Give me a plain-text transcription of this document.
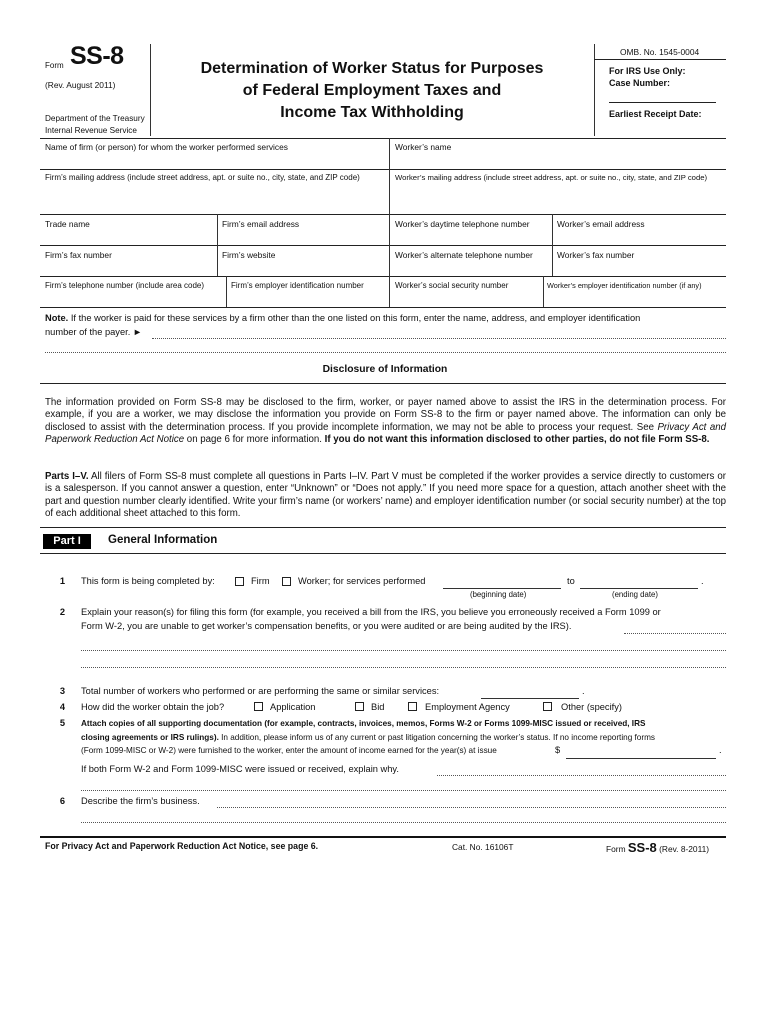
Form SS-8
(Rev. August 2011)
Department of the Treasury
Internal Revenue Service
Determination of Worker Status for Purposes
of Federal Employment Taxes and
Income Tax Withholding
OMB. No. 1545-0004
For IRS Use Only:
Case Number:
Earliest Receipt Date:
Name of firm (or person) for whom the worker performed services	Worker’s name
Firm’s mailing address (include street address, apt. or suite no., city, state, and ZIP code)	Worker’s mailing address (include street address, apt. or suite no., city, state, and ZIP code)
Trade name	Firm’s email address	Worker’s daytime telephone number	Worker’s email address
Firm’s fax number	Firm’s website	Worker’s alternate telephone number	Worker’s fax number
Firm’s telephone number (include area code)	Firm’s employer identification number	Worker’s social security number	Worker’s employer identification number (if any)
Note. If the worker is paid for these services by a firm other than the one listed on this form, enter the name, address, and employer identification
number of the payer. ►
Disclosure of Information
The information provided on Form SS-8 may be disclosed to the firm, worker, or payer named above to assist the IRS in the determination process. For example, if you are a worker, we may disclose the information you provide on Form SS-8 to the firm or payer named above. The information can only be disclosed to assist with the determination process. If you provide incomplete information, we may not be able to process your request. See Privacy Act and Paperwork Reduction Act Notice on page 6 for more information. If you do not want this information disclosed to other parties, do not file Form SS-8.
Parts I–V. All filers of Form SS-8 must complete all questions in Parts I–IV. Part V must be completed if the worker provides a service directly to customers or is a salesperson. If you cannot answer a question, enter “Unknown” or “Does not apply.” If you need more space for a question, attach another sheet with the part and question number clearly identified. Write your firm’s name (or workers’ name) and employer identification number (or social security number) at the top of each additional sheet attached to this form.
Part I	General Information
1 This form is being completed by:	Firm	Worker; for services performed	to	.
(beginning date)	(ending date)
2 Explain your reason(s) for filing this form (for example, you received a bill from the IRS, you believe you erroneously received a Form 1099 or
Form W-2, you are unable to get worker’s compensation benefits, or you were audited or are being audited by the IRS).
3 Total number of workers who performed or are performing the same or similar services:	.
4 How did the worker obtain the job?	Application	Bid	Employment Agency	Other (specify)
5 Attach copies of all supporting documentation (for example, contracts, invoices, memos, Forms W-2 or Forms 1099-MISC issued or received, IRS
closing agreements or IRS rulings). In addition, please inform us of any current or past litigation concerning the worker’s status. If no income reporting forms
(Form 1099-MISC or W-2) were furnished to the worker, enter the amount of income earned for the year(s) at issue	$	.
If both Form W-2 and Form 1099-MISC were issued or received, explain why.
6 Describe the firm’s business.
For Privacy Act and Paperwork Reduction Act Notice, see page 6.	Cat. No. 16106T	Form SS-8 (Rev. 8-2011)
